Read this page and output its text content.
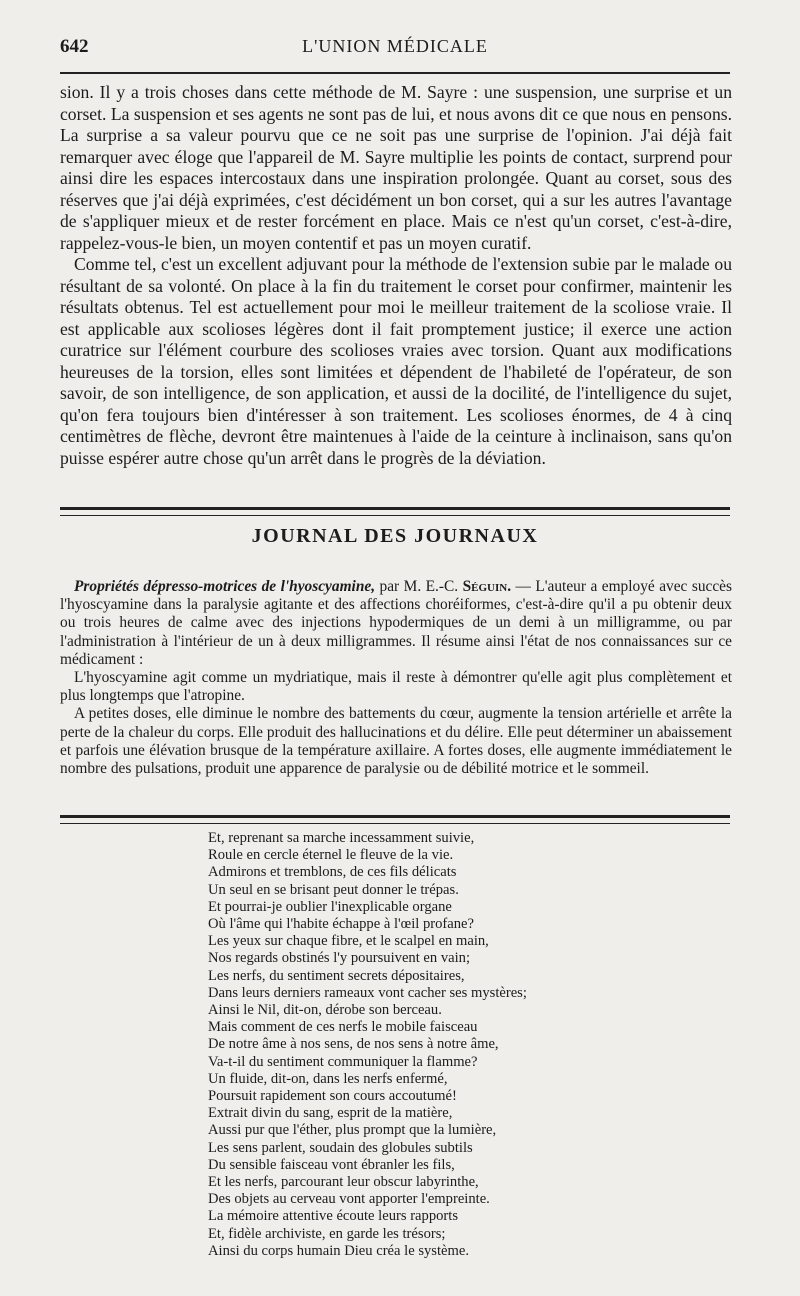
642	L'UNION MÉDICALE

sion. Il y a trois choses dans cette méthode de M. Sayre : une suspension, une surprise et un corset. La suspension et ses agents ne sont pas de lui, et nous avons dit ce que nous en pensons. La surprise a sa valeur pourvu que ce ne soit pas une surprise de l'opinion. J'ai déjà fait remarquer avec éloge que l'appareil de M. Sayre multiplie les points de contact, surprend pour ainsi dire les espaces intercostaux dans une inspiration prolongée. Quant au corset, sous des réserves que j'ai déjà exprimées, c'est décidément un bon corset, qui a sur les autres l'avantage de s'appliquer mieux et de rester forcément en place. Mais ce n'est qu'un corset, c'est-à-dire, rappelez-vous-le bien, un moyen contentif et pas un moyen curatif.

Comme tel, c'est un excellent adjuvant pour la méthode de l'extension subie par le malade ou résultant de sa volonté. On place à la fin du traitement le corset pour confirmer, maintenir les résultats obtenus. Tel est actuellement pour moi le meilleur traitement de la scoliose vraie. Il est applicable aux scolioses légères dont il fait promptement justice; il exerce une action curatrice sur l'élément courbure des scolioses vraies avec torsion. Quant aux modifications heureuses de la torsion, elles sont limitées et dépendent de l'habileté de l'opérateur, de son savoir, de son intelligence, de son application, et aussi de la docilité, de l'intelligence du sujet, qu'on fera toujours bien d'intéresser à son traitement. Les scolioses énormes, de 4 à cinq centimètres de flèche, devront être maintenues à l'aide de la ceinture à inclinaison, sans qu'on puisse espérer autre chose qu'un arrêt dans le progrès de la déviation.

JOURNAL DES JOURNAUX

Propriétés dépresso-motrices de l'hyoscyamine, par M. E.-C. Séguin. — L'auteur a employé avec succès l'hyoscyamine dans la paralysie agitante et des affections choréiformes, c'est-à-dire qu'il a pu obtenir deux ou trois heures de calme avec des injections hypodermiques de un demi à un milligramme, ou par l'administration à l'intérieur de un à deux milligrammes. Il résume ainsi l'état de nos connaissances sur ce médicament :

L'hyoscyamine agit comme un mydriatique, mais il reste à démontrer qu'elle agit plus complètement et plus longtemps que l'atropine.

A petites doses, elle diminue le nombre des battements du cœur, augmente la tension artérielle et arrête la perte de la chaleur du corps. Elle produit des hallucinations et du délire. Elle peut déterminer un abaissement et parfois une élévation brusque de la température axillaire. A fortes doses, elle augmente immédiatement le nombre des pulsations, produit une apparence de paralysie ou de débilité motrice et le sommeil.

Et, reprenant sa marche incessamment suivie,
Roule en cercle éternel le fleuve de la vie.
Admirons et tremblons, de ces fils délicats
Un seul en se brisant peut donner le trépas.
Et pourrai-je oublier l'inexplicable organe
Où l'âme qui l'habite échappe à l'œil profane?
Les yeux sur chaque fibre, et le scalpel en main,
Nos regards obstinés l'y poursuivent en vain;
Les nerfs, du sentiment secrets dépositaires,
Dans leurs derniers rameaux vont cacher ses mystères;
Ainsi le Nil, dit-on, dérobe son berceau.
Mais comment de ces nerfs le mobile faisceau
De notre âme à nos sens, de nos sens à notre âme,
Va-t-il du sentiment communiquer la flamme?
Un fluide, dit-on, dans les nerfs enfermé,
Poursuit rapidement son cours accoutumé!
Extrait divin du sang, esprit de la matière,
Aussi pur que l'éther, plus prompt que la lumière,
Les sens parlent, soudain des globules subtils
Du sensible faisceau vont ébranler les fils,
Et les nerfs, parcourant leur obscur labyrinthe,
Des objets au cerveau vont apporter l'empreinte.
La mémoire attentive écoute leurs rapports
Et, fidèle archiviste, en garde les trésors;
Ainsi du corps humain Dieu créa le système.
